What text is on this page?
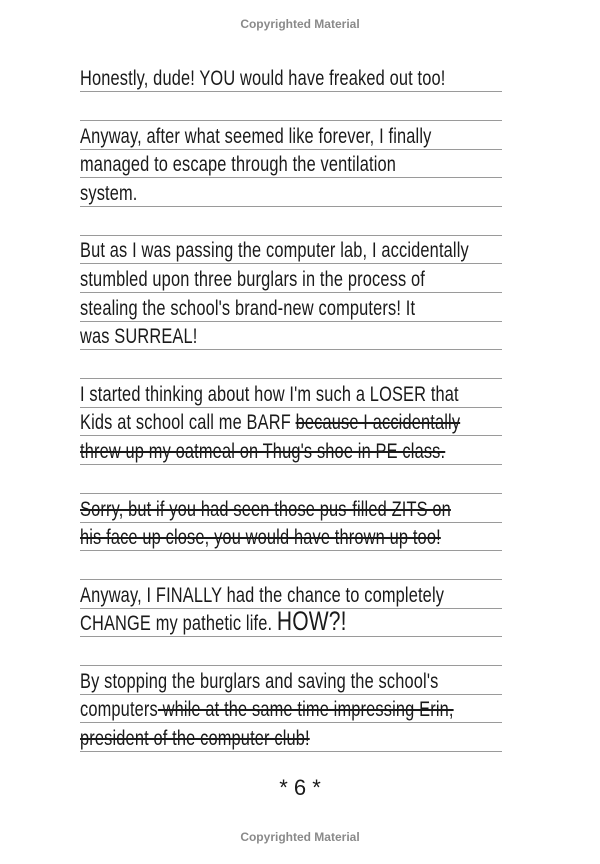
Copyrighted Material
Honestly, dude! YOU would have freaked out too!
Anyway, after what seemed like forever, I finally
managed to escape through the ventilation
system.
But as I was passing the computer lab, I accidentally
stumbled upon three burglars in the process of
stealing the school's brand-new computers! It
was SURREAL!
I started thinking about how I'm such a LOSER that
Kids at school call me BARF because I accidentally
threw up my oatmeal on Thug's shoe in PE class.
Sorry, but if you had seen those pus-filled ZITS on
his face up close, you would have thrown up too!
Anyway, I FINALLY had the chance to completely
CHANGE my pathetic life. HOW?!
By stopping the burglars and saving the school's
computers while at the same time impressing Erin,
president of the computer club!
* 6 *
Copyrighted Material
